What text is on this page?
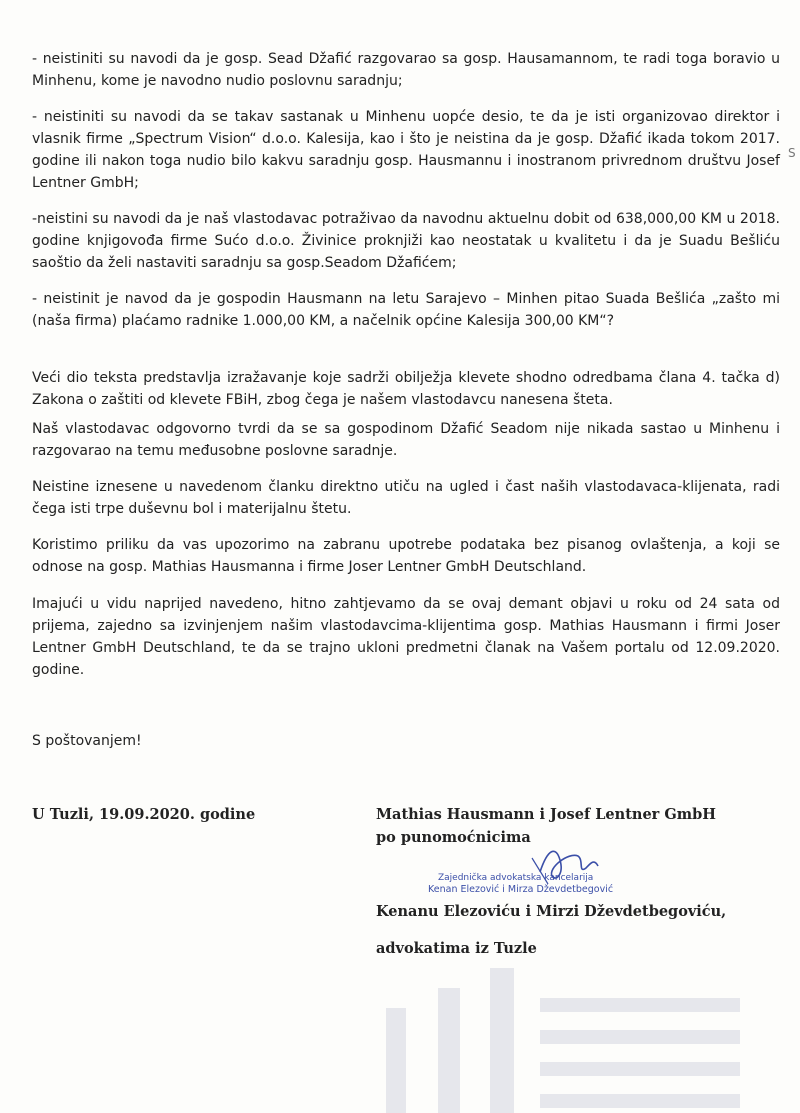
- neistiniti su navodi da je gosp. Sead Džafić razgovarao sa gosp. Hausamannom, te radi toga boravio u Minhenu, kome je navodno nudio poslovnu saradnju;

- neistiniti su navodi da se takav sastanak u Minhenu uopće desio, te da je isti organizovao direktor i vlasnik firme „Spectrum Vision“ d.o.o. Kalesija, kao i što je neistina da je gosp. Džafić ikada tokom 2017. godine ili nakon toga nudio bilo kakvu saradnju gosp. Hausmannu i inostranom privrednom društvu Josef Lentner GmbH;

-neistini su navodi da je naš vlastodavac potraživao da navodnu aktuelnu dobit od 638,000,00 KM u 2018. godine knjigovođa firme Sućo d.o.o. Živinice proknjiži kao neostatak u kvalitetu i da je Suadu Bešliću saoštio da želi nastaviti saradnju sa gosp.Seadom Džafićem;

- neistinit je navod da je gospodin Hausmann na letu Sarajevo – Minhen pitao Suada Bešlića „zašto mi (naša firma) plaćamo radnike 1.000,00 KM, a načelnik općine Kalesija 300,00 KM“?

Veći dio teksta predstavlja izražavanje koje sadrži obilježja klevete shodno odredbama člana 4. tačka d) Zakona o zaštiti od klevete FBiH, zbog čega je našem vlastodavcu nanesena šteta.

Naš vlastodavac odgovorno tvrdi da se sa gospodinom Džafić Seadom nije nikada sastao u Minhenu i razgovarao na temu međusobne poslovne saradnje.

Neistine iznesene u navedenom članku direktno utiču na ugled i čast naših vlastodavaca-klijenata, radi čega isti trpe duševnu bol i materijalnu štetu.

Koristimo priliku da vas upozorimo na zabranu upotrebe podataka bez pisanog ovlaštenja, a koji se odnose na gosp. Mathias Hausmanna i firme Joser Lentner GmbH Deutschland.

Imajući u vidu naprijed navedeno, hitno zahtjevamo da se ovaj demant objavi u roku od 24 sata od prijema, zajedno sa izvinjenjem našim vlastodavcima-klijentima gosp. Mathias Hausmann i firmi Joser Lentner GmbH Deutschland, te da se trajno ukloni predmetni članak na Vašem portalu od 12.09.2020. godine.

S

S poštovanjem!

U Tuzli, 19.09.2020. godine	Mathias Hausmann i Josef Lentner GmbH
po punomoćnicima
Zajednička advokatska kancelarija
Kenan Elezović i Mirza Dževdetbegović
Kenanu Elezoviću i Mirzi Dževdetbegoviću,
advokatima iz Tuzle
